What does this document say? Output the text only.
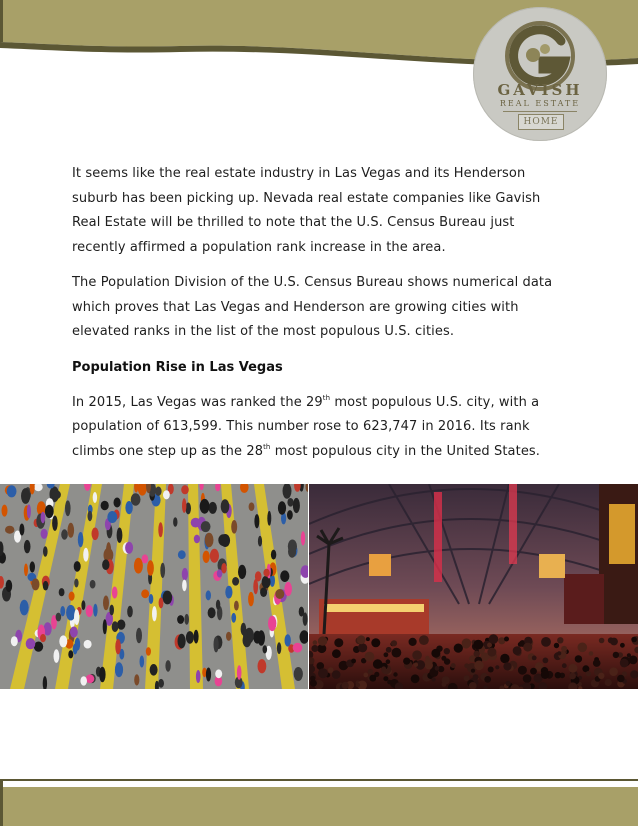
GAVISH
REAL ESTATE
HOME

It seems like the real estate industry in Las Vegas and its Henderson suburb has been picking up. Nevada real estate companies like Gavish Real Estate will be thrilled to note that the U.S. Census Bureau just recently affirmed a population rank increase in the area.

The Population Division of the U.S. Census Bureau shows numerical data which proves that Las Vegas and Henderson are growing cities with elevated ranks in the list of the most populous U.S. cities.

Population Rise in Las Vegas

In 2015, Las Vegas was ranked the 29th most populous U.S. city, with a population of 613,599. This number rose to 623,747 in 2016. Its rank climbs one step up as the 28th most populous city in the United States.
